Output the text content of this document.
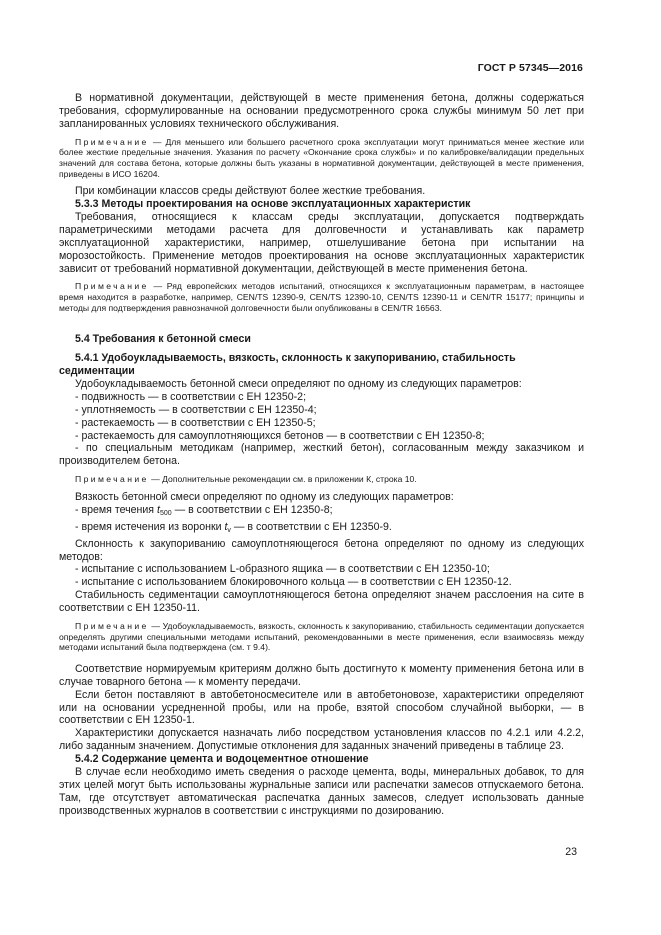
ГОСТ Р 57345—2016

В нормативной документации, действующей в месте применения бетона, должны содержаться требования, сформулированные на основании предусмотренного срока службы минимум 50 лет при запланированных условиях технического обслуживания.

Примечание — Для меньшего или большего расчетного срока эксплуатации могут приниматься менее жесткие или более жесткие предельные значения. Указания по расчету «Окончание срока службы» и по калибровке/валидации предельных значений для состава бетона, которые должны быть указаны в нормативной документации, действующей в месте применения, приведены в ИСО 16204.

При комбинации классов среды действуют более жесткие требования.

5.3.3 Методы проектирования на основе эксплуатационных характеристик

Требования, относящиеся к классам среды эксплуатации, допускается подтверждать параметрическими методами расчета для долговечности и устанавливать как параметр эксплуатационной характеристики, например, отшелушивание бетона при испытании на морозостойкость. Применение методов проектирования на основе эксплуатационных характеристик зависит от требований нормативной документации, действующей в месте применения бетона.

Примечание — Ряд европейских методов испытаний, относящихся к эксплуатационным параметрам, в настоящее время находится в разработке, например, CEN/TS 12390-9, CEN/TS 12390-10, CEN/TS 12390-11 и CEN/TR 15177; принципы и методы для подтверждения равнозначной долговечности были опубликованы в CEN/TR 16563.

5.4 Требования к бетонной смеси

5.4.1 Удобоукладываемость, вязкость, склонность к закупориванию, стабильность седиментации

Удобоукладываемость бетонной смеси определяют по одному из следующих параметров:

- подвижность — в соответствии с ЕН 12350-2;

- уплотняемость — в соответствии с ЕН 12350-4;

- растекаемость — в соответствии с ЕН 12350-5;

- растекаемость для самоуплотняющихся бетонов — в соответствии с ЕН 12350-8;

- по специальным методикам (например, жесткий бетон), согласованным между заказчиком и производителем бетона.

Примечание — Дополнительные рекомендации см. в приложении К, строка 10.

Вязкость бетонной смеси определяют по одному из следующих параметров:

- время течения $t_{500}$ — в соответствии с ЕН 12350-8;

- время истечения из воронки $t_v$ — в соответствии с ЕН 12350-9.

Склонность к закупориванию самоуплотняющегося бетона определяют по одному из следующих методов:

- испытание с использованием L-образного ящика — в соответствии с ЕН 12350-10;

- испытание с использованием блокировочного кольца — в соответствии с ЕН 12350-12.

Стабильность седиментации самоуплотняющегося бетона определяют значем расслоения на сите в соответствии с ЕН 12350-11.

Примечание — Удобоукладываемость, вязкость, склонность к закупориванию, стабильность седиментации допускается определять другими специальными методами испытаний, рекомендованными в месте применения, если взаимосвязь между методами испытаний была подтверждена (см. т 9.4).

Соответствие нормируемым критериям должно быть достигнуто к моменту применения бетона или в случае товарного бетона — к моменту передачи.

Если бетон поставляют в автобетоносмесителе или в автобетоновозе, характеристики определяют или на основании усредненной пробы, или на пробе, взятой способом случайной выборки, — в соответствии с ЕН 12350-1.

Характеристики допускается назначать либо посредством установления классов по 4.2.1 или 4.2.2, либо заданным значением. Допустимые отклонения для заданных значений приведены в таблице 23.

5.4.2 Содержание цемента и водоцементное отношение

В случае если необходимо иметь сведения о расходе цемента, воды, минеральных добавок, то для этих целей могут быть использованы журнальные записи или распечатки замесов отпускаемого бетона. Там, где отсутствует автоматическая распечатка данных замесов, следует использовать данные производственных журналов в соответствии с инструкциями по дозированию.

23
